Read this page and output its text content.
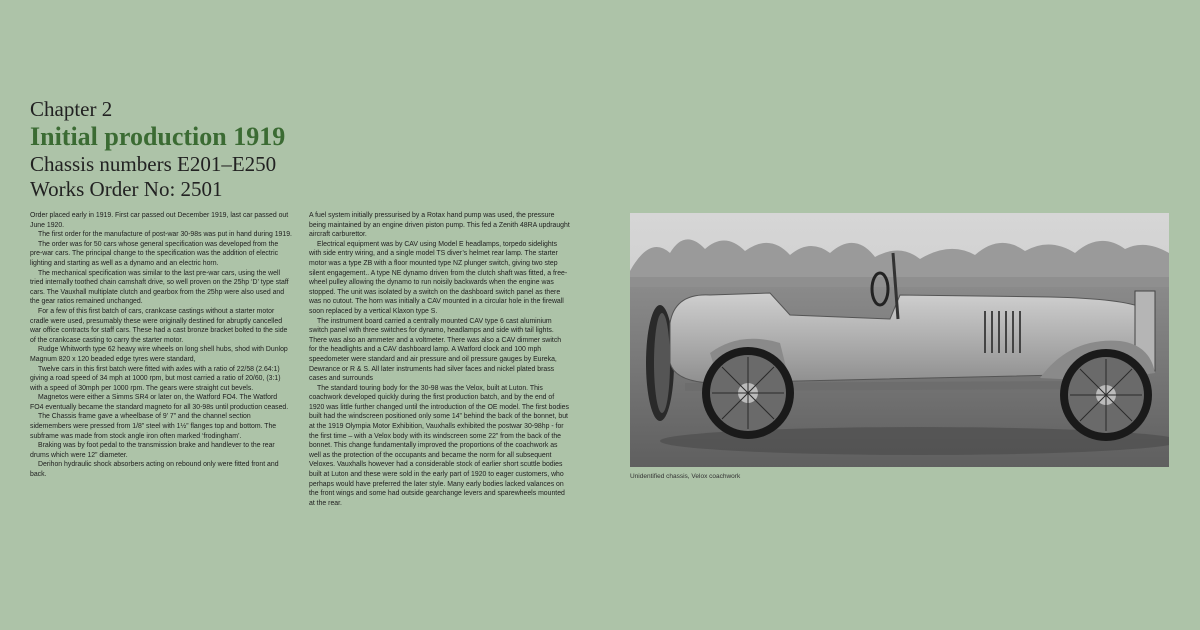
Chapter 2
Initial production 1919
Chassis numbers E201–E250
Works Order No: 2501

Order placed early in 1919. First car passed out December 1919, last car passed out June 1920.

The first order for the manufacture of post-war 30-98s was put in hand during 1919.

The order was for 50 cars whose general specification was developed from the pre-war cars. The principal change to the specification was the addition of electric lighting and starting as well as a dynamo and an electric horn.

The mechanical specification was similar to the last pre-war cars, using the well tried internally toothed chain camshaft drive, so well proven on the 25hp ‘D’ type staff cars. The Vauxhall multiplate clutch and gearbox from the 25hp were also used and the gear ratios remained unchanged.

For a few of this first batch of cars, crankcase castings without a starter motor cradle were used, presumably these were originally destined for abruptly cancelled war office contracts for staff cars. These had a cast bronze bracket bolted to the side of the crankcase casting to carry the starter motor.

Rudge Whitworth type 62 heavy wire wheels on long shell hubs, shod with Dunlop Magnum 820 x 120 beaded edge tyres were standard,

Twelve cars in this first batch were fitted with axles with a ratio of 22/58 (2.64:1) giving a road speed of 34 mph at 1000 rpm, but most carried a ratio of 20/60, (3:1) with a speed of 30mph per 1000 rpm. The gears were straight cut bevels.

Magnetos were either a Simms SR4 or later on, the Watford FO4. The Watford FO4 eventually became the standard magneto for all 30-98s until production ceased.

The Chassis frame gave a wheelbase of 9’ 7” and the channel section sidemembers were pressed from 1/8” steel with 1½” flanges top and bottom. The subframe was made from stock angle iron often marked ‘frodingham’.

Braking was by foot pedal to the transmission brake and handlever to the rear drums which were 12” diameter.

Derihon hydraulic shock absorbers acting on rebound only were fitted front and back.

A fuel system initially pressurised by a Rotax hand pump was used, the pressure being maintained by an engine driven piston pump. This fed a Zenith 48RA updraught aircraft carburettor.

Electrical equipment was by CAV using Model E headlamps, torpedo sidelights with side entry wiring, and a single model TS diver’s helmet rear lamp. The starter motor was a type ZB with a floor mounted type NZ plunger switch, giving two step silent engagement.. A type NE dynamo driven from the clutch shaft was fitted, a free-wheel pulley allowing the dynamo to run noisily backwards when the engine was stopped. The unit was isolated by a switch on the dashboard switch panel as there was no cutout. The horn was initially a CAV mounted in a circular hole in the firewall soon replaced by a vertical Klaxon type S.

The instrument board carried a centrally mounted CAV type 6 cast aluminium switch panel with three switches for dynamo, headlamps and side with tail lights. There was also an ammeter and a voltmeter. There was also a CAV dimmer switch for the headlights and a CAV dashboard lamp. A Watford clock and 100 mph speedometer were standard and air pressure and oil pressure gauges by Eureka, Dewrance or R & S. All later instruments had silver faces and nickel plated brass cases and surrounds

The standard touring body for the 30-98 was the Velox, built at Luton. This coachwork developed quickly during the first production batch, and by the end of 1920 was little further changed until the introduction of the OE model. The first bodies built had the windscreen positioned only some 14” behind the back of the bonnet, but at the 1919 Olympia Motor Exhibition, Vauxhalls exhibited the postwar 30-98hp - for the first time – with a Velox body with its windscreen some 22” from the back of the bonnet. This change fundamentally improved the proportions of the coachwork as well as the protection of the occupants and became the norm for all subsequent Veloxes. Vauxhalls however had a considerable stock of earlier short scuttle bodies built at Luton and these were sold in the early part of 1920 to eager customers, who perhaps would have preferred the later style. Many early bodies lacked valances on the front wings and some had outside gearchange levers and sparewheels mounted at the rear.

Unidentified chassis, Velox coachwork
